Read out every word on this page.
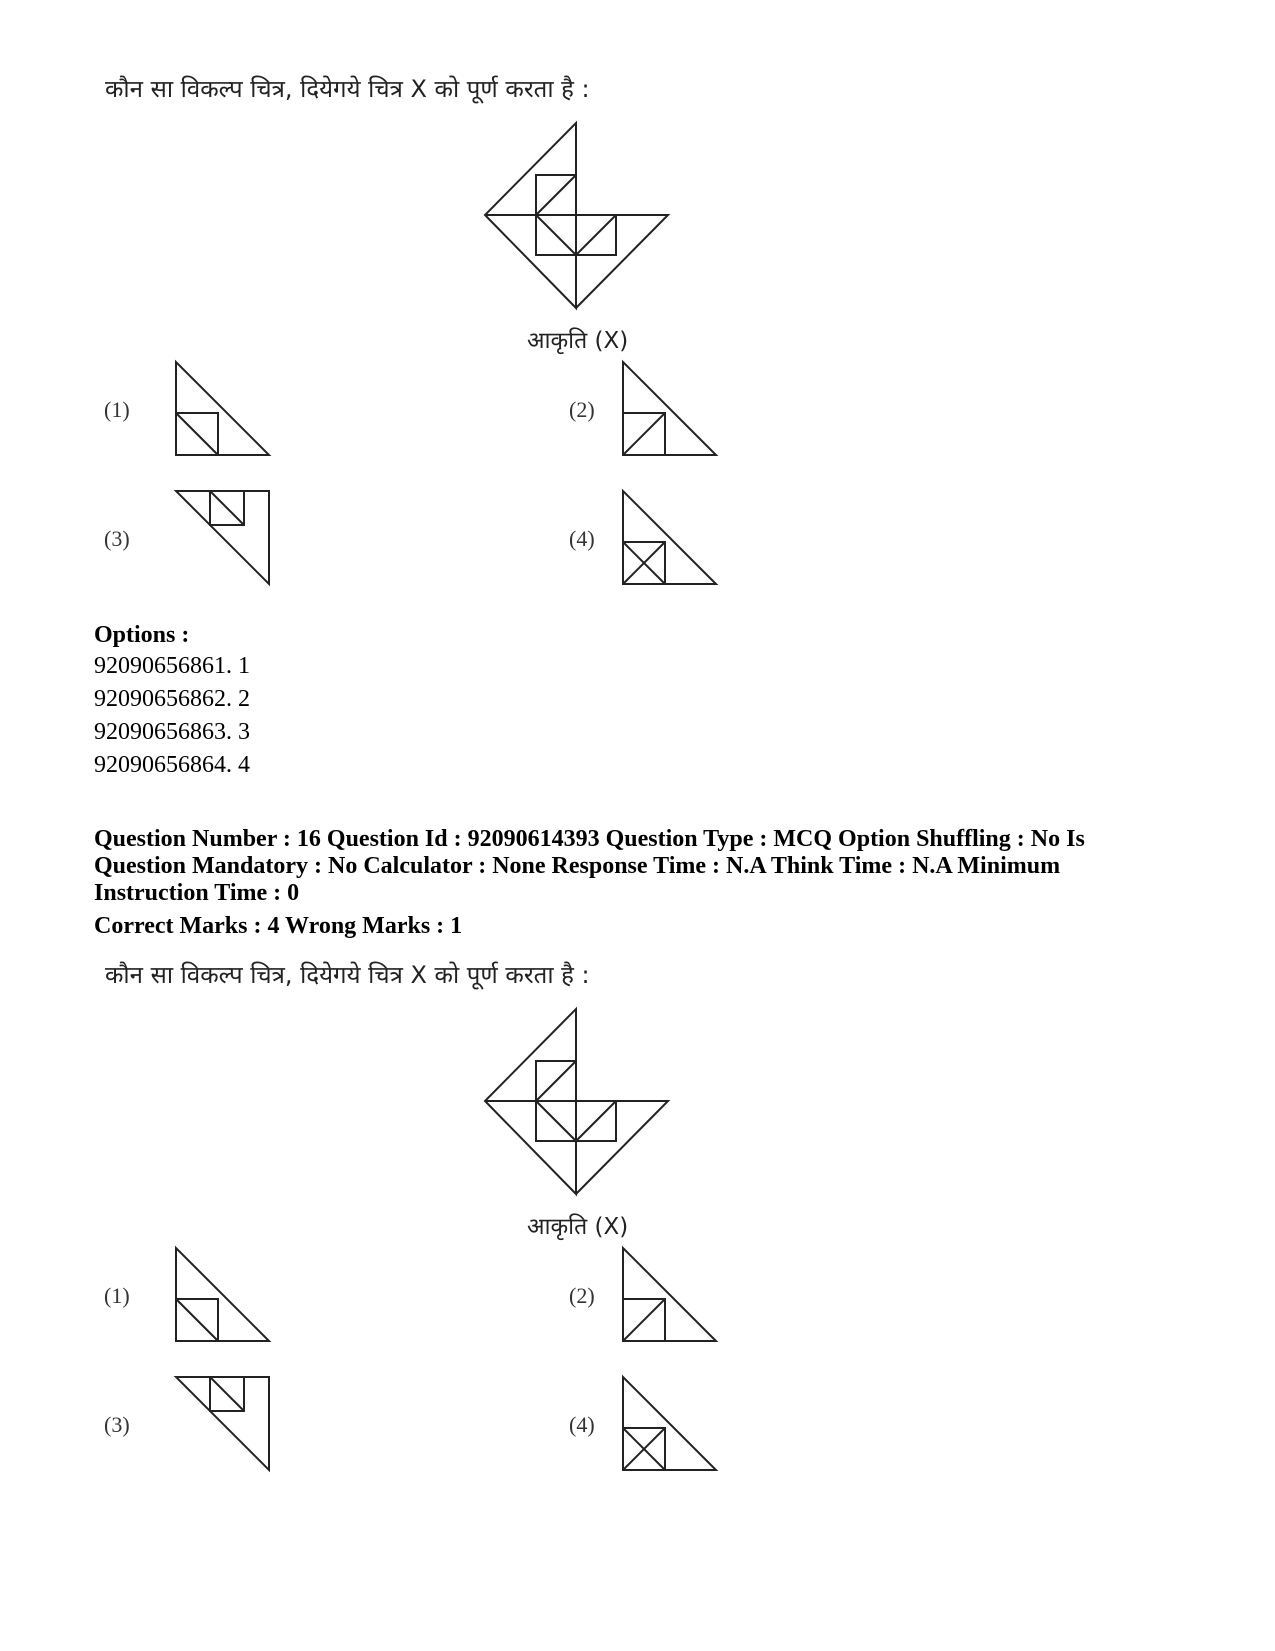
कौन सा विकल्प चित्र, दियेगये चित्र X को पूर्ण करता है :
आकृति (X)
(1)	(2)
(3)	(4)
Options :
92090656861. 1
92090656862. 2
92090656863. 3
92090656864. 4
Question Number : 16 Question Id : 92090614393 Question Type : MCQ Option Shuffling : No Is
Question Mandatory : No Calculator : None Response Time : N.A Think Time : N.A Minimum
Instruction Time : 0
Correct Marks : 4 Wrong Marks : 1
कौन सा विकल्प चित्र, दियेगये चित्र X को पूर्ण करता है :
आकृति (X)
(1)	(2)
(3)	(4)
